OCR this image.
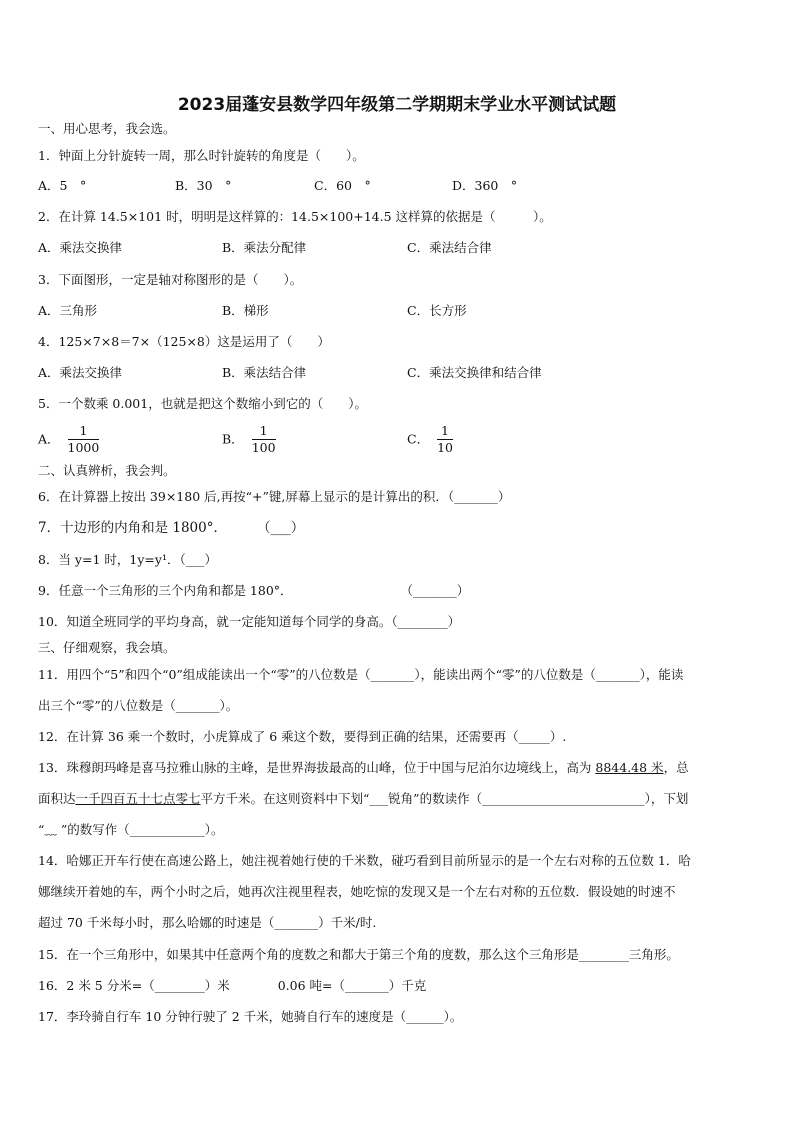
2023届蓬安县数学四年级第二学期期末学业水平测试试题
一、用心思考，我会选。
1．钟面上分针旋转一周，那么时针旋转的角度是（　　）。
A．5　°	B．30　°	C．60　°	D．360　°
2．在计算 14.5×101 时，明明是这样算的：14.5×100+14.5 这样算的依据是（　　　）。
A．乘法交换律	B．乘法分配律	C．乘法结合律
3．下面图形，一定是轴对称图形的是（　　）。
A．三角形	B．梯形	C．长方形
4．125×7×8＝7×（125×8）这是运用了（　　）
A．乘法交换律	B．乘法结合律	C．乘法交换律和结合律
5．一个数乘 0.001，也就是把这个数缩小到它的（　　）。
A． $\frac{1}{1000}$	B． $\frac{1}{100}$	C． $\frac{1}{10}$
二、认真辨析，我会判。
6．在计算器上按出 39×180 后,再按“+”键,屏幕上显示的是计算出的积．（_______）
7．十边形的内角和是 1800°． （___）
8．当 y=1 时，1y=y¹．（___）
9．任意一个三角形的三个内角和都是 180°．	（_______）
10．知道全班同学的平均身高，就一定能知道每个同学的身高。（________）
三、仔细观察，我会填。
11．用四个“5”和四个“0”组成能读出一个“零”的八位数是（_______），能读出两个“零”的八位数是（_______），能读
出三个“零”的八位数是（_______）。
12．在计算 36 乘一个数时，小虎算成了 6 乘这个数，要得到正确的结果，还需要再（_____）.
13．珠穆朗玛峰是喜马拉雅山脉的主峰，是世界海拔最高的山峰，位于中国与尼泊尔边境线上，高为 8844.48 米，总
面积达一千四百五十七点零七平方千米。在这则资料中下划“___锐角”的数读作（__________________________），下划
“﹏ ”的数写作（____________）。
14．哈娜正开车行使在高速公路上，她注视着她行使的千米数，碰巧看到目前所显示的是一个左右对称的五位数 1．哈
娜继续开着她的车，两个小时之后，她再次注视里程表，她吃惊的发现又是一个左右对称的五位数．假设她的时速不
超过 70 千米每小时，那么哈娜的时速是（_______）千米/时.
15．在一个三角形中，如果其中任意两个角的度数之和都大于第三个角的度数，那么这个三角形是________三角形。
16．2 米 5 分米=（________）米	0.06 吨=（_______）千克
17．李玲骑自行车 10 分钟行驶了 2 千米，她骑自行车的速度是（______）。
